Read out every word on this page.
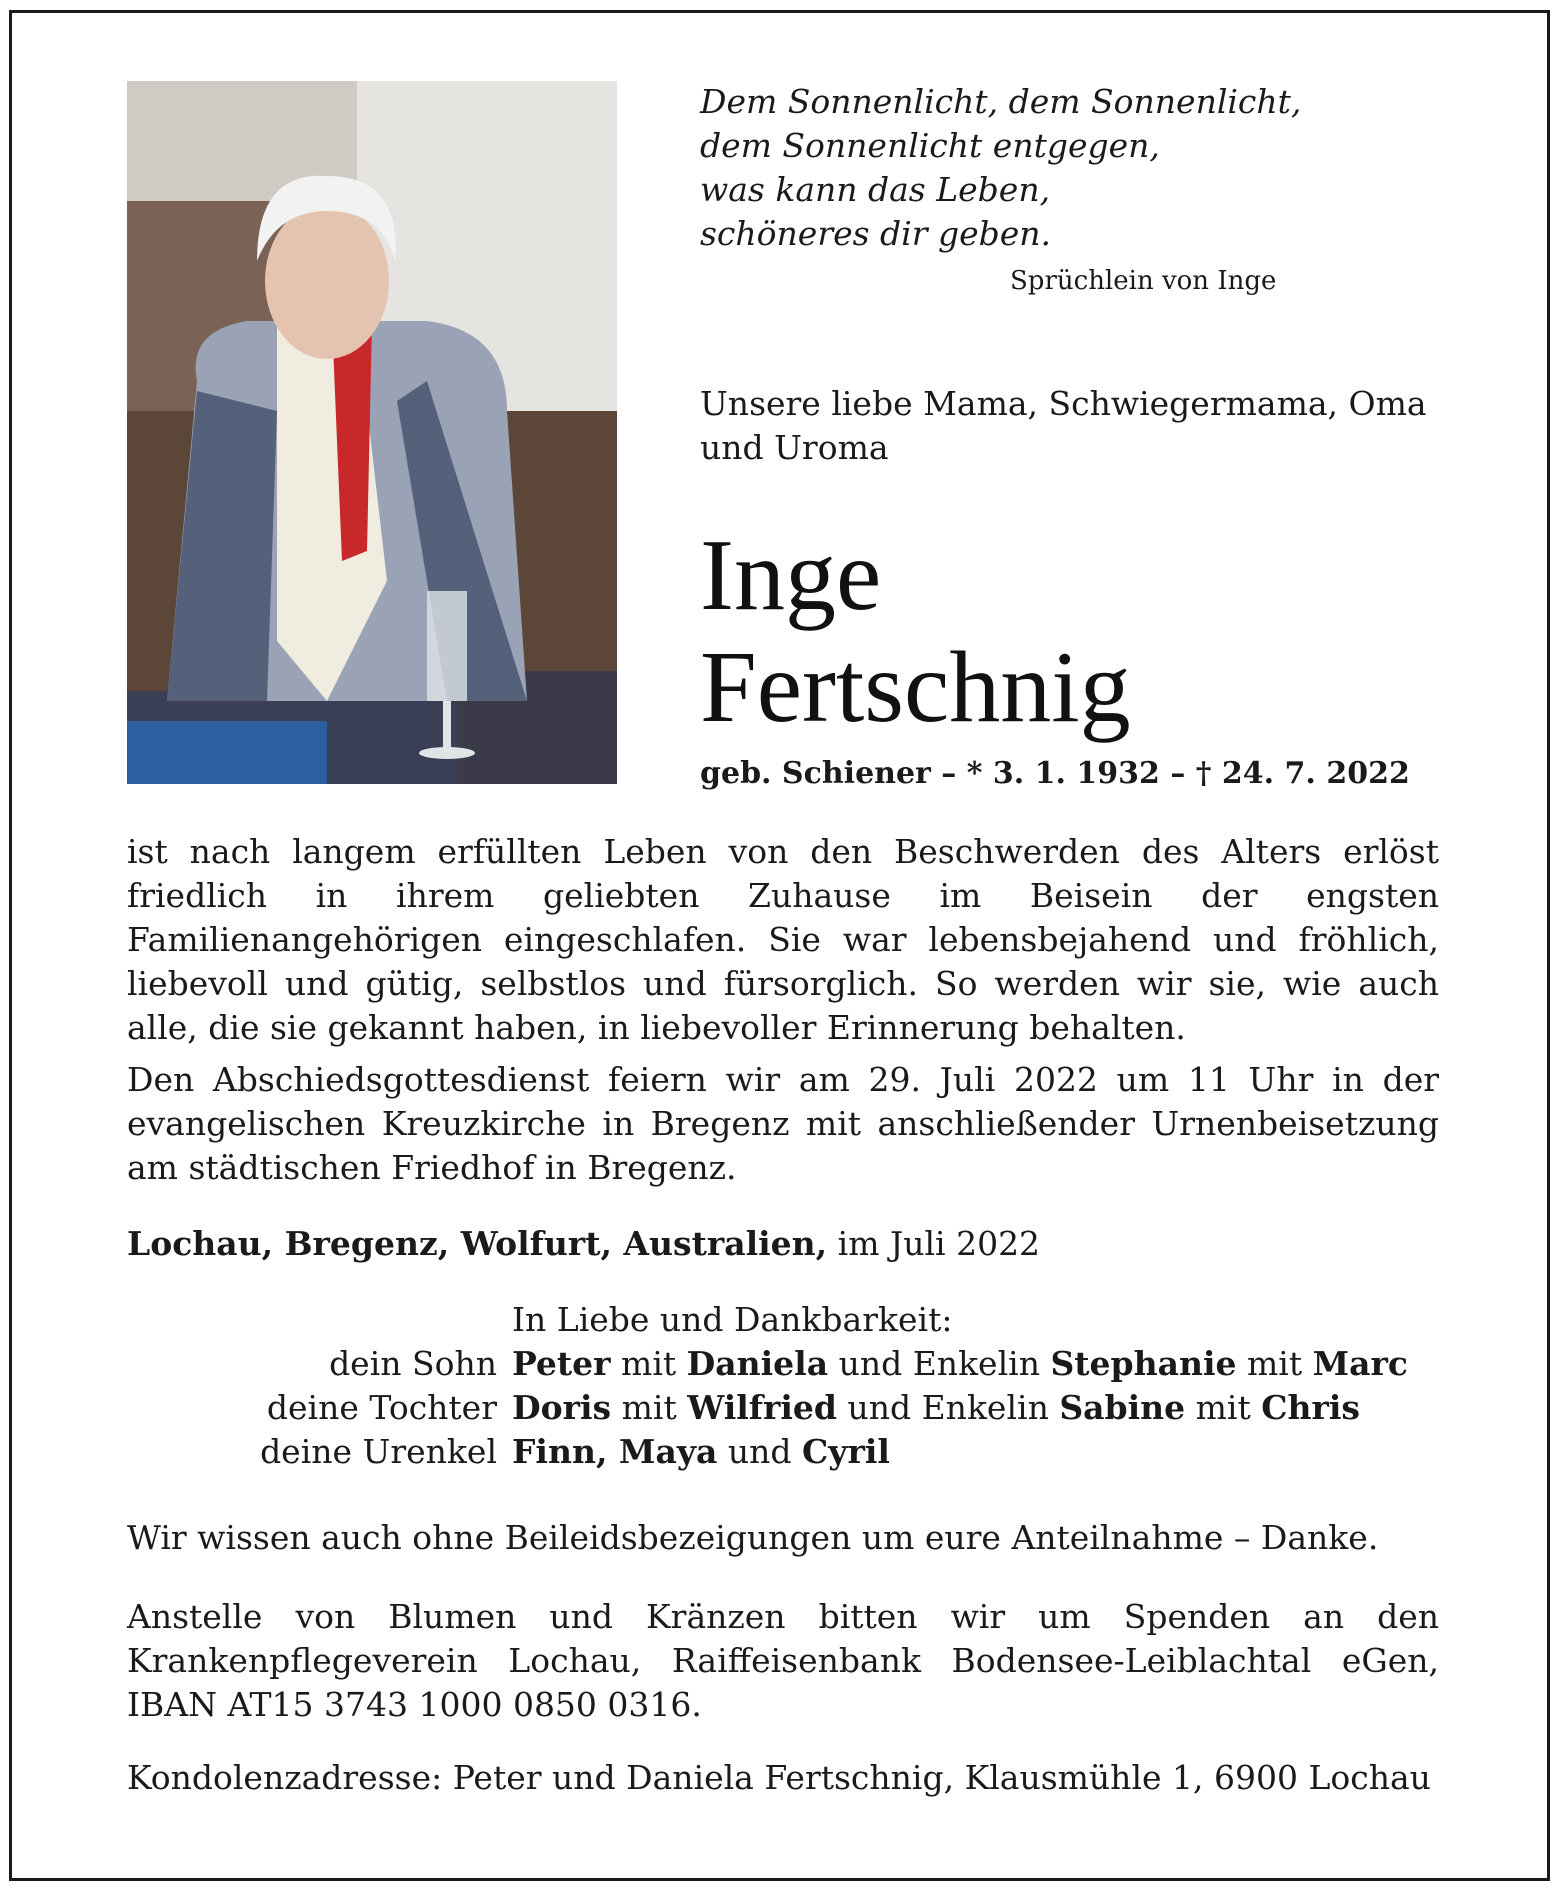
Dem Sonnenlicht, dem Sonnenlicht,
dem Sonnenlicht entgegen,
was kann das Leben,
schöneres dir geben.
Sprüchlein von Inge
Unsere liebe Mama, Schwiegermama, Oma und Uroma
Inge
Fertschnig
geb. Schiener – * 3. 1. 1932 – † 24. 7. 2022

ist nach langem erfüllten Leben von den Beschwerden des Alters erlöst friedlich in ihrem geliebten Zuhause im Beisein der engsten Familienangehörigen eingeschlafen. Sie war lebensbejahend und fröhlich, liebevoll und gütig, selbstlos und fürsorglich. So werden wir sie, wie auch alle, die sie gekannt haben, in liebevoller Erinnerung behalten.

Den Abschiedsgottesdienst feiern wir am 29. Juli 2022 um 11 Uhr in der evangelischen Kreuzkirche in Bregenz mit anschließender Urnenbeisetzung am städtischen Friedhof in Bregenz.

Lochau, Bregenz, Wolfurt, Australien, im Juli 2022
In Liebe und Dankbarkeit:
dein Sohn Peter mit Daniela und Enkelin Stephanie mit Marc
deine Tochter Doris mit Wilfried und Enkelin Sabine mit Chris
deine Urenkel Finn, Maya und Cyril
Wir wissen auch ohne Beileidsbezeigungen um eure Anteilnahme – Danke.
Anstelle von Blumen und Kränzen bitten wir um Spenden an den Krankenpflegeverein Lochau, Raiffeisenbank Bodensee-Leiblachtal eGen, IBAN AT15 3743 1000 0850 0316.
Kondolenzadresse: Peter und Daniela Fertschnig, Klausmühle 1, 6900 Lochau
